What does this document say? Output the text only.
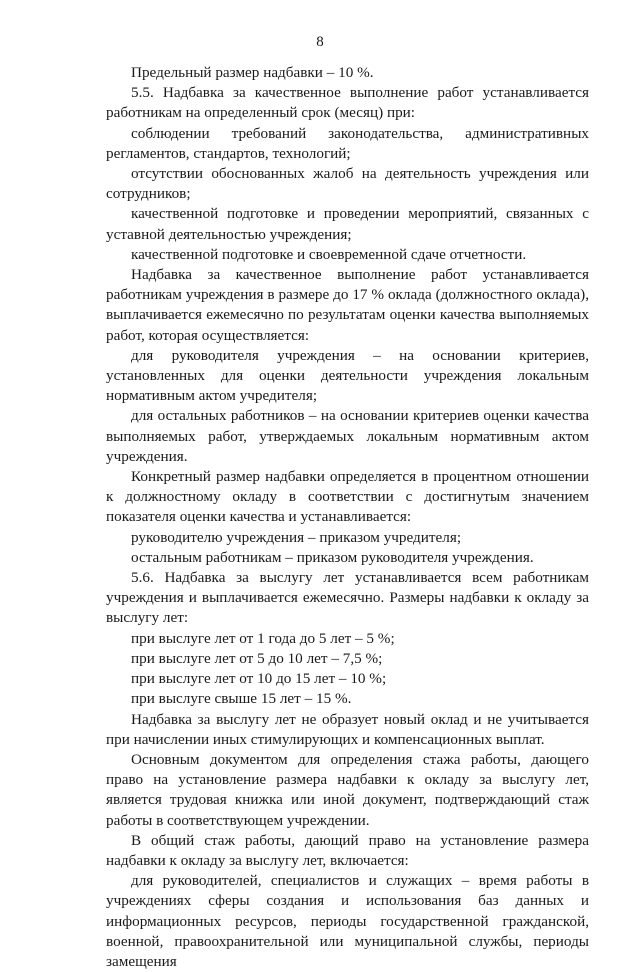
8

Предельный размер надбавки – 10 %.

5.5. Надбавка за качественное выполнение работ устанавливается работникам на определенный срок (месяц) при:

соблюдении требований законодательства, административных регламентов, стандартов, технологий;

отсутствии обоснованных жалоб на деятельность учреждения или сотрудников;

качественной подготовке и проведении мероприятий, связанных с уставной деятельностью учреждения;

качественной подготовке и своевременной сдаче отчетности.

Надбавка за качественное выполнение работ устанавливается работникам учреждения в размере до 17 % оклада (должностного оклада), выплачивается ежемесячно по результатам оценки качества выполняемых работ, которая осуществляется:

для руководителя учреждения – на основании критериев, установленных для оценки деятельности учреждения локальным нормативным актом учредителя;

для остальных работников – на основании критериев оценки качества выполняемых работ, утверждаемых локальным нормативным актом учреждения.

Конкретный размер надбавки определяется в процентном отношении к должностному окладу в соответствии с достигнутым значением показателя оценки качества и устанавливается:

руководителю учреждения – приказом учредителя;

остальным работникам – приказом руководителя учреждения.

5.6. Надбавка за выслугу лет устанавливается всем работникам учреждения и выплачивается ежемесячно. Размеры надбавки к окладу за выслугу лет:

при выслуге лет от 1 года до 5 лет – 5 %;

при выслуге лет от 5 до 10 лет – 7,5 %;

при выслуге лет от 10 до 15 лет – 10 %;

при выслуге свыше 15 лет – 15 %.

Надбавка за выслугу лет не образует новый оклад и не учитывается при начислении иных стимулирующих и компенсационных выплат.

Основным документом для определения стажа работы, дающего право на установление размера надбавки к окладу за выслугу лет, является трудовая книжка или иной документ, подтверждающий стаж работы в соответствующем учреждении.

В общий стаж работы, дающий право на установление размера надбавки к окладу за выслугу лет, включается:

для руководителей, специалистов и служащих – время работы в учреждениях сферы создания и использования баз данных и информационных ресурсов, периоды государственной гражданской, военной, правоохранительной или муниципальной службы, периоды замещения
